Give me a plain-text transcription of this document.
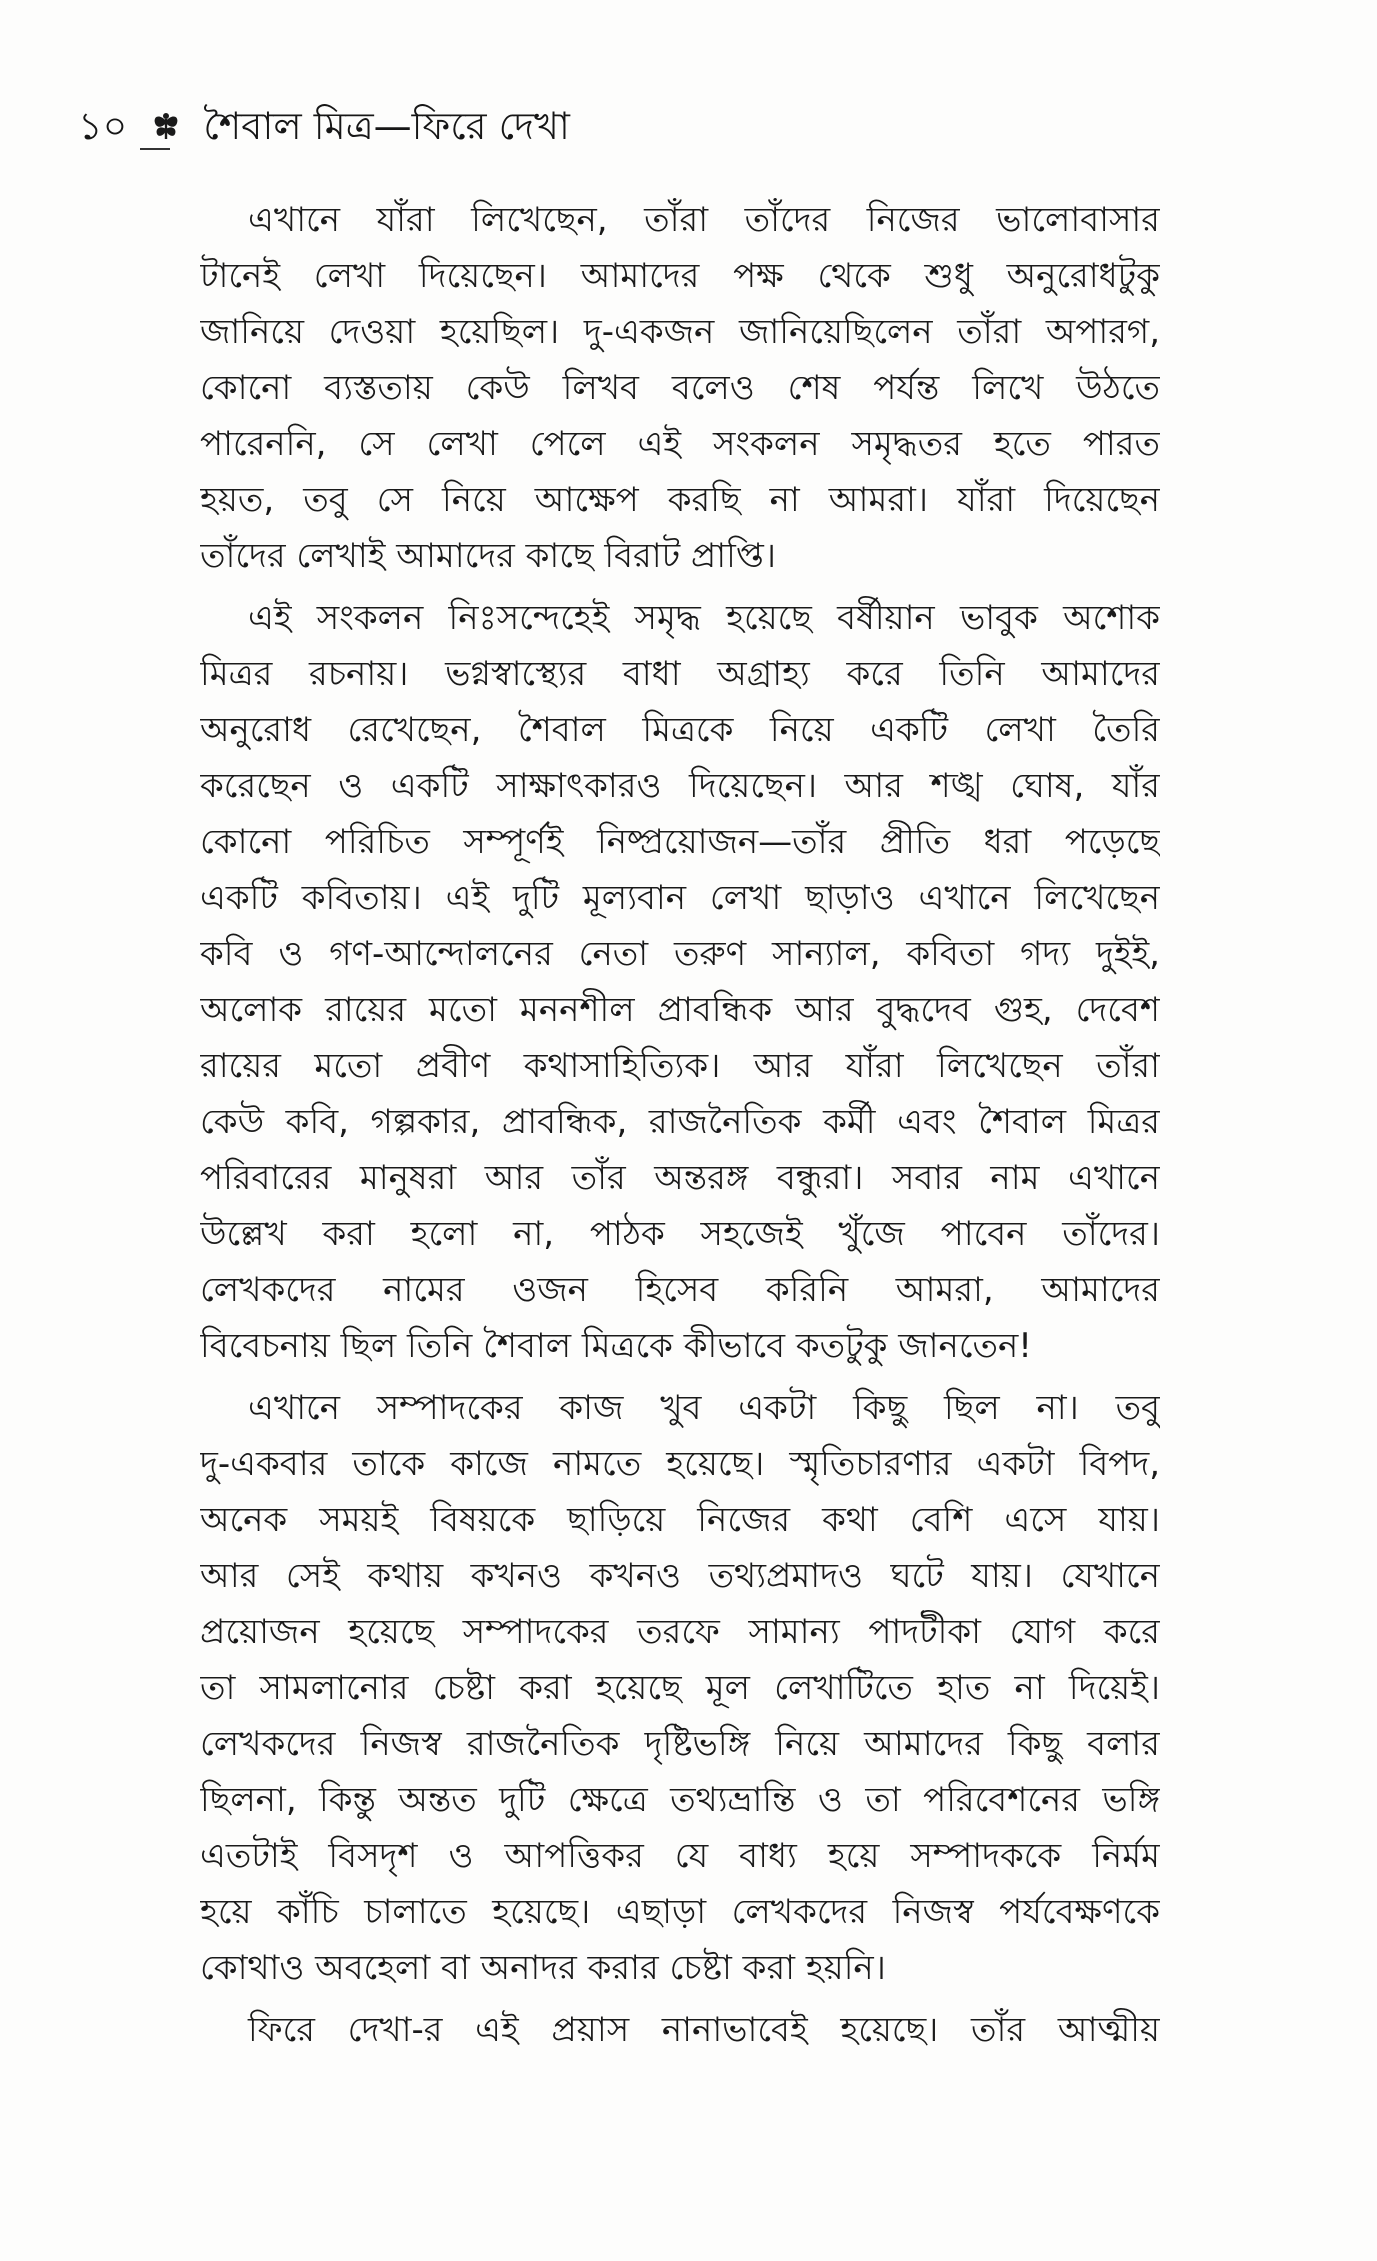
১০ শৈবাল মিত্র—ফিরে দেখা
এখানে যাঁরা লিখেছেন, তাঁরা তাঁদের নিজের ভালোবাসার
টানেই লেখা দিয়েছেন। আমাদের পক্ষ থেকে শুধু অনুরোধটুকু
জানিয়ে দেওয়া হয়েছিল। দু-একজন জানিয়েছিলেন তাঁরা অপারগ,
কোনো ব্যস্ততায় কেউ লিখব বলেও শেষ পর্যন্ত লিখে উঠতে
পারেননি, সে লেখা পেলে এই সংকলন সমৃদ্ধতর হতে পারত
হয়ত, তবু সে নিয়ে আক্ষেপ করছি না আমরা। যাঁরা দিয়েছেন
তাঁদের লেখাই আমাদের কাছে বিরাট প্রাপ্তি।
এই সংকলন নিঃসন্দেহেই সমৃদ্ধ হয়েছে বর্ষীয়ান ভাবুক অশোক
মিত্রর রচনায়। ভগ্নস্বাস্থ্যের বাধা অগ্রাহ্য করে তিনি আমাদের
অনুরোধ রেখেছেন, শৈবাল মিত্রকে নিয়ে একটি লেখা তৈরি
করেছেন ও একটি সাক্ষাৎকারও দিয়েছেন। আর শঙ্খ ঘোষ, যাঁর
কোনো পরিচিত সম্পূর্ণই নিষ্প্রয়োজন—তাঁর প্রীতি ধরা পড়েছে
একটি কবিতায়। এই দুটি মূল্যবান লেখা ছাড়াও এখানে লিখেছেন
কবি ও গণ-আন্দোলনের নেতা তরুণ সান্যাল, কবিতা গদ্য দুইই,
অলোক রায়ের মতো মননশীল প্রাবন্ধিক আর বুদ্ধদেব গুহ, দেবেশ
রায়ের মতো প্রবীণ কথাসাহিত্যিক। আর যাঁরা লিখেছেন তাঁরা
কেউ কবি, গল্পকার, প্রাবন্ধিক, রাজনৈতিক কর্মী এবং শৈবাল মিত্রর
পরিবারের মানুষরা আর তাঁর অন্তরঙ্গ বন্ধুরা। সবার নাম এখানে
উল্লেখ করা হলো না, পাঠক সহজেই খুঁজে পাবেন তাঁদের।
লেখকদের নামের ওজন হিসেব করিনি আমরা, আমাদের
বিবেচনায় ছিল তিনি শৈবাল মিত্রকে কীভাবে কতটুকু জানতেন!
এখানে সম্পাদকের কাজ খুব একটা কিছু ছিল না। তবু
দু-একবার তাকে কাজে নামতে হয়েছে। স্মৃতিচারণার একটা বিপদ,
অনেক সময়ই বিষয়কে ছাড়িয়ে নিজের কথা বেশি এসে যায়।
আর সেই কথায় কখনও কখনও তথ্যপ্রমাদও ঘটে যায়। যেখানে
প্রয়োজন হয়েছে সম্পাদকের তরফে সামান্য পাদটীকা যোগ করে
তা সামলানোর চেষ্টা করা হয়েছে মূল লেখাটিতে হাত না দিয়েই।
লেখকদের নিজস্ব রাজনৈতিক দৃষ্টিভঙ্গি নিয়ে আমাদের কিছু বলার
ছিলনা, কিন্তু অন্তত দুটি ক্ষেত্রে তথ্যভ্রান্তি ও তা পরিবেশনের ভঙ্গি
এতটাই বিসদৃশ ও আপত্তিকর যে বাধ্য হয়ে সম্পাদককে নির্মম
হয়ে কাঁচি চালাতে হয়েছে। এছাড়া লেখকদের নিজস্ব পর্যবেক্ষণকে
কোথাও অবহেলা বা অনাদর করার চেষ্টা করা হয়নি।
ফিরে দেখা-র এই প্রয়াস নানাভাবেই হয়েছে। তাঁর আত্মীয়
